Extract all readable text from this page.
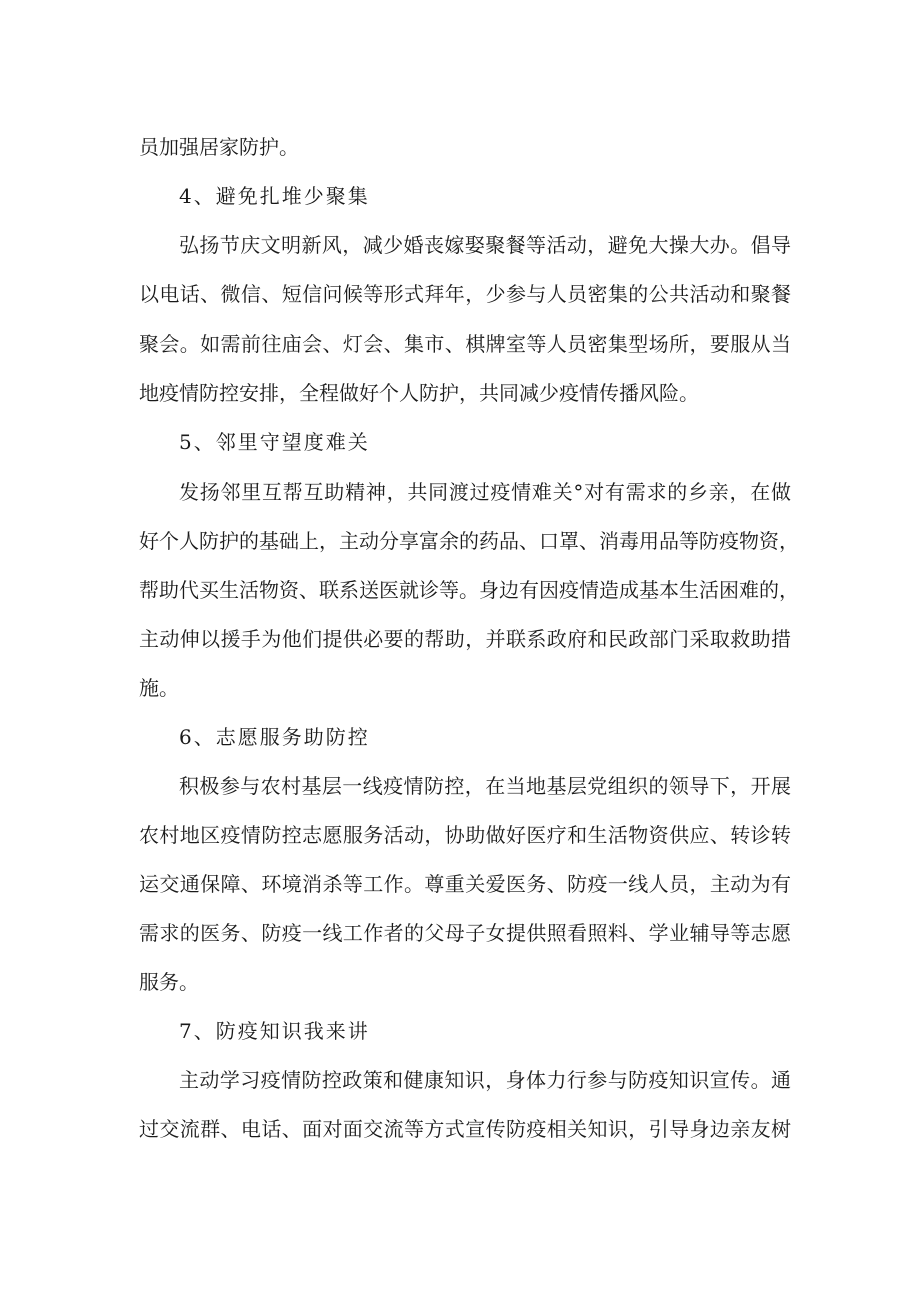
员加强居家防护。
4、避免扎堆少聚集
弘扬节庆文明新风，减少婚丧嫁娶聚餐等活动，避免大操大办。倡导
以电话、微信、短信问候等形式拜年，少参与人员密集的公共活动和聚餐
聚会。如需前往庙会、灯会、集市、棋牌室等人员密集型场所，要服从当
地疫情防控安排，全程做好个人防护，共同减少疫情传播风险。
5、邻里守望度难关
发扬邻里互帮互助精神，共同渡过疫情难关°对有需求的乡亲，在做
好个人防护的基础上，主动分享富余的药品、口罩、消毒用品等防疫物资，
帮助代买生活物资、联系送医就诊等。身边有因疫情造成基本生活困难的，
主动伸以援手为他们提供必要的帮助，并联系政府和民政部门采取救助措
施。
6、志愿服务助防控
积极参与农村基层一线疫情防控，在当地基层党组织的领导下，开展
农村地区疫情防控志愿服务活动，协助做好医疗和生活物资供应、转诊转
运交通保障、环境消杀等工作。尊重关爱医务、防疫一线人员，主动为有
需求的医务、防疫一线工作者的父母子女提供照看照料、学业辅导等志愿
服务。
7、防疫知识我来讲
主动学习疫情防控政策和健康知识，身体力行参与防疫知识宣传。通
过交流群、电话、面对面交流等方式宣传防疫相关知识，引导身边亲友树
